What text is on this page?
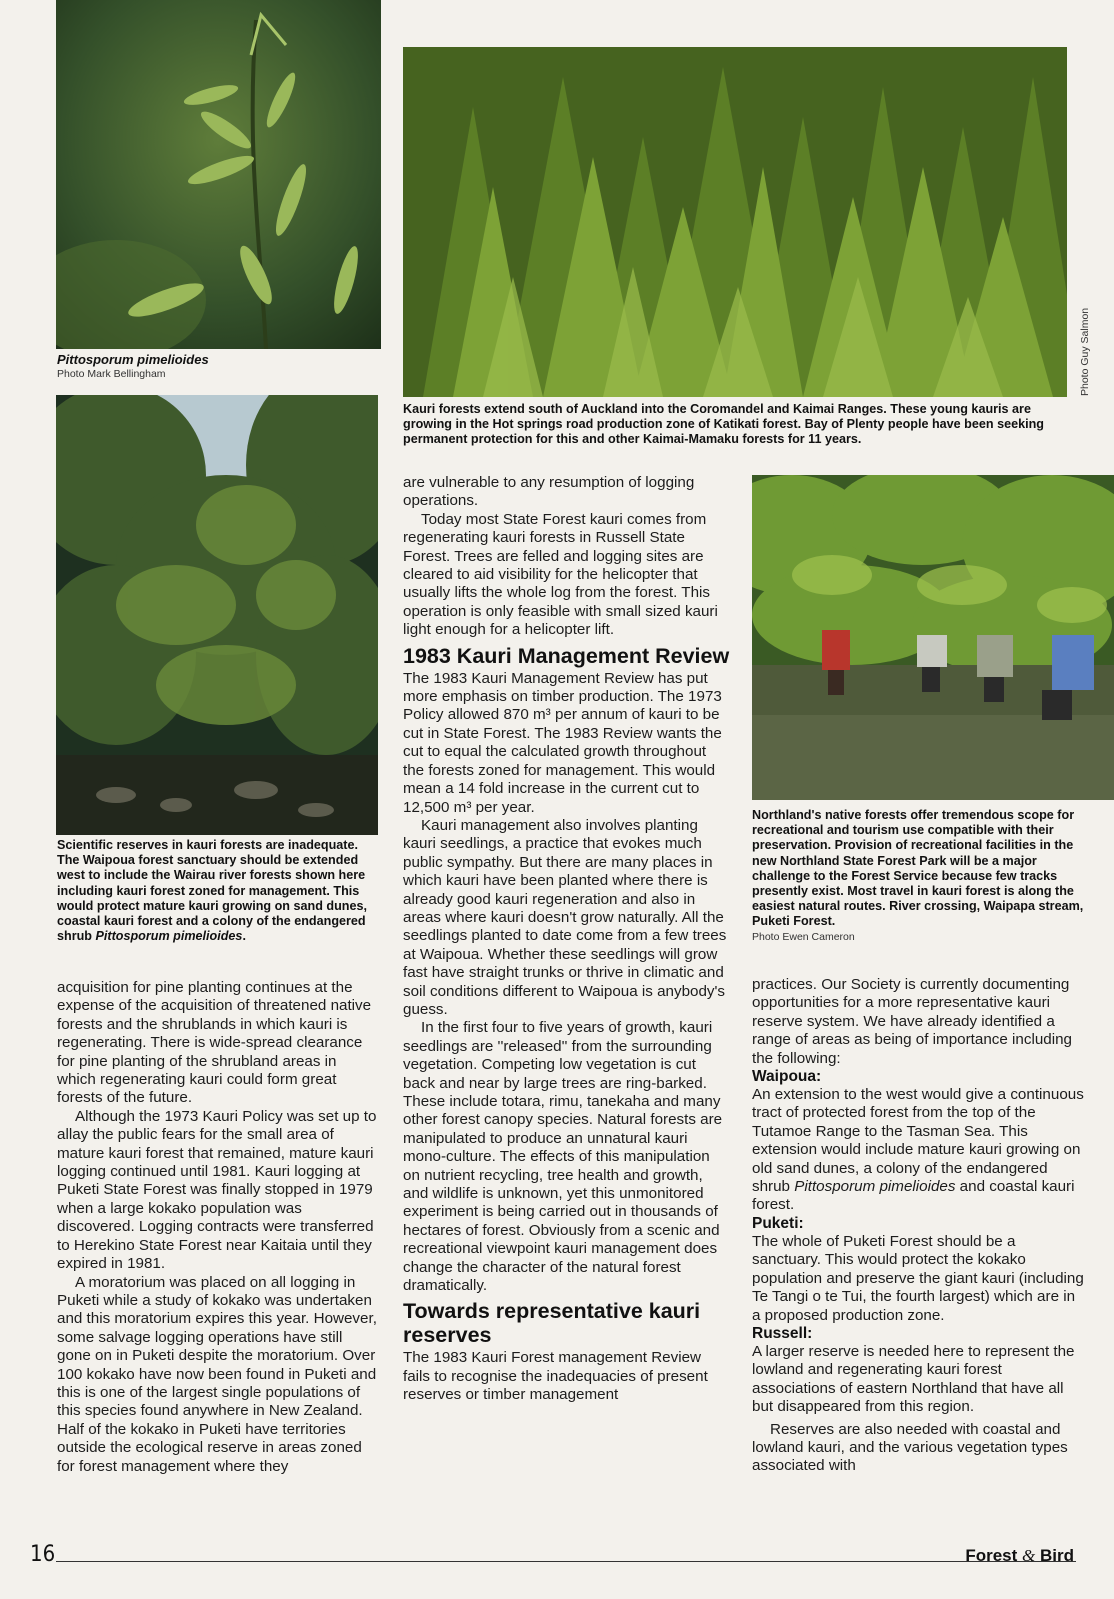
Pittosporum pimelioides
Photo Mark Bellingham	Photo Guy Salmon
Kauri forests extend south of Auckland into the Coromandel and Kaimai Ranges. These young kauris are growing in the Hot springs road production zone of Katikati forest. Bay of Plenty people have been seeking permanent protection for this and other Kaimai-Mamaku forests for 11 years.
Scientific reserves in kauri forests are inadequate. The Waipoua forest sanctuary should be extended west to include the Wairau river forests shown here including kauri forest zoned for management. This would protect mature kauri growing on sand dunes, coastal kauri forest and a colony of the endangered shrub Pittosporum pimelioides.
Northland's native forests offer tremendous scope for recreational and tourism use compatible with their preservation. Provision of recreational facilities in the new Northland State Forest Park will be a major challenge to the Forest Service because few tracks presently exist. Most travel in kauri forest is along the easiest natural routes. River crossing, Waipapa stream, Puketi Forest.
Photo Ewen Cameron

acquisition for pine planting continues at the expense of the acquisition of threatened native forests and the shrublands in which kauri is regenerating. There is wide-spread clearance for pine planting of the shrubland areas in which regenerating kauri could form great forests of the future.

Although the 1973 Kauri Policy was set up to allay the public fears for the small area of mature kauri forest that remained, mature kauri logging continued until 1981. Kauri logging at Puketi State Forest was finally stopped in 1979 when a large kokako population was discovered. Logging contracts were transferred to Herekino State Forest near Kaitaia until they expired in 1981.

A moratorium was placed on all logging in Puketi while a study of kokako was undertaken and this moratorium expires this year. However, some salvage logging operations have still gone on in Puketi despite the moratorium. Over 100 kokako have now been found in Puketi and this is one of the largest single populations of this species found anywhere in New Zealand. Half of the kokako in Puketi have territories outside the ecological reserve in areas zoned for forest management where they

are vulnerable to any resumption of logging operations.

Today most State Forest kauri comes from regenerating kauri forests in Russell State Forest. Trees are felled and logging sites are cleared to aid visibility for the helicopter that usually lifts the whole log from the forest. This operation is only feasible with small sized kauri light enough for a helicopter lift.

1983 Kauri Management Review

The 1983 Kauri Management Review has put more emphasis on timber production. The 1973 Policy allowed 870 m³ per annum of kauri to be cut in State Forest. The 1983 Review wants the cut to equal the calculated growth throughout the forests zoned for management. This would mean a 14 fold increase in the current cut to 12,500 m³ per year.

Kauri management also involves planting kauri seedlings, a practice that evokes much public sympathy. But there are many places in which kauri have been planted where there is already good kauri regeneration and also in areas where kauri doesn't grow naturally. All the seedlings planted to date come from a few trees at Waipoua. Whether these seedlings will grow fast have straight trunks or thrive in climatic and soil conditions different to Waipoua is anybody's guess.

In the first four to five years of growth, kauri seedlings are ''released'' from the surrounding vegetation. Competing low vegetation is cut back and near by large trees are ring-barked. These include totara, rimu, tanekaha and many other forest canopy species. Natural forests are manipulated to produce an unnatural kauri mono-culture. The effects of this manipulation on nutrient recycling, tree health and growth, and wildlife is unknown, yet this unmonitored experiment is being carried out in thousands of hectares of forest. Obviously from a scenic and recreational viewpoint kauri management does change the character of the natural forest dramatically.

Towards representative kauri reserves

The 1983 Kauri Forest management Review fails to recognise the inadequacies of present reserves or timber management

practices. Our Society is currently documenting opportunities for a more representative kauri reserve system. We have already identified a range of areas as being of importance including the following:

Waipoua:

An extension to the west would give a continuous tract of protected forest from the top of the Tutamoe Range to the Tasman Sea. This extension would include mature kauri growing on old sand dunes, a colony of the endangered shrub Pittosporum pimelioides and coastal kauri forest.

Puketi:

The whole of Puketi Forest should be a sanctuary. This would protect the kokako population and preserve the giant kauri (including Te Tangi o te Tui, the fourth largest) which are in a proposed production zone.

Russell:

A larger reserve is needed here to represent the lowland and regenerating kauri forest associations of eastern Northland that have all but disappeared from this region.

Reserves are also needed with coastal and lowland kauri, and the various vegetation types associated with

16	Forest & Bird
